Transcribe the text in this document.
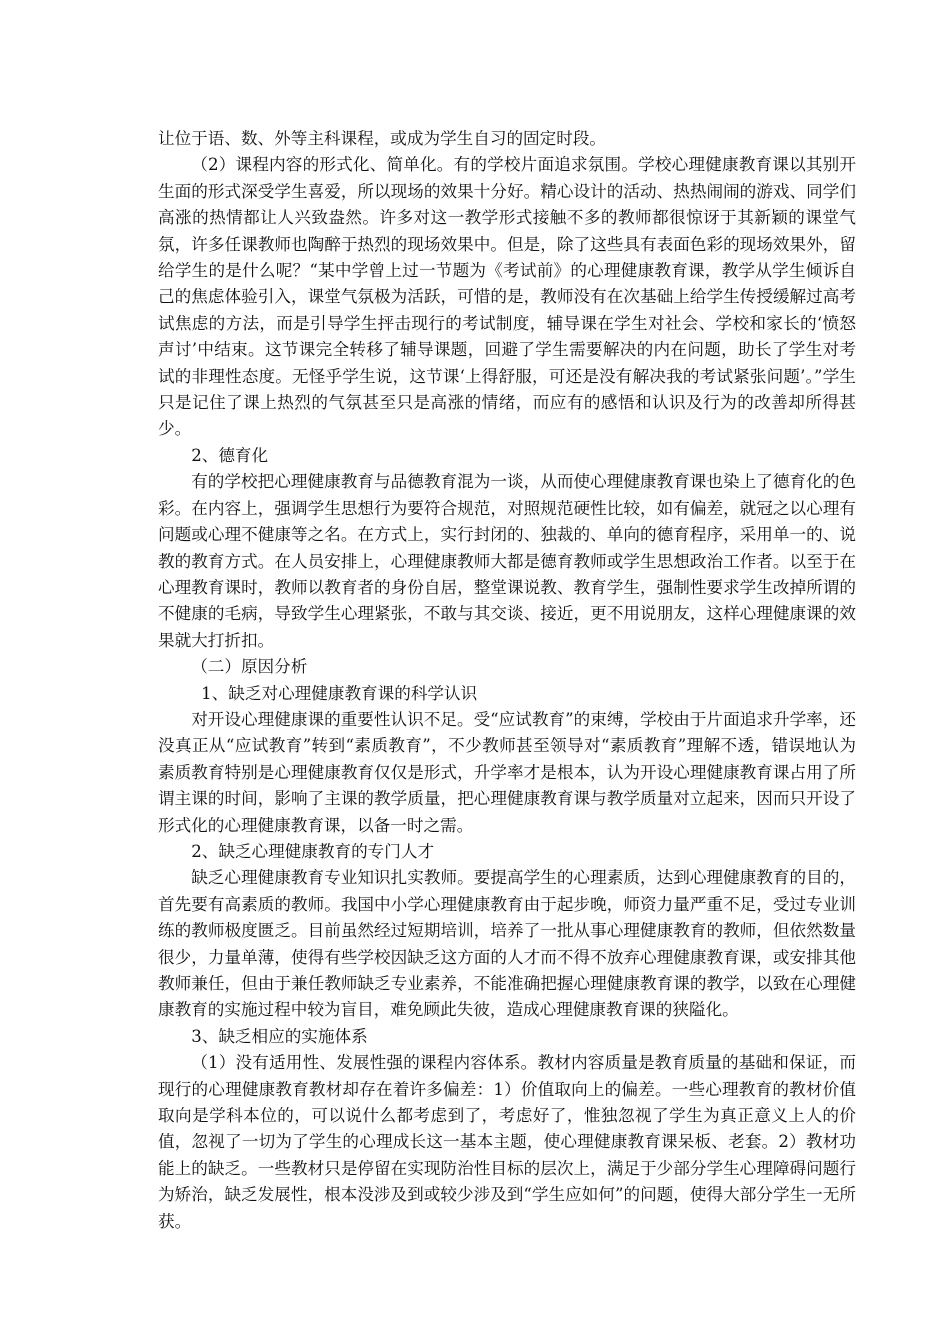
让位于语、数、外等主科课程，或成为学生自习的固定时段。

（2）课程内容的形式化、简单化。有的学校片面追求氛围。学校心理健康教育课以其别开生面的形式深受学生喜爱，所以现场的效果十分好。精心设计的活动、热热闹闹的游戏、同学们高涨的热情都让人兴致盎然。许多对这一教学形式接触不多的教师都很惊讶于其新颖的课堂气氛，许多任课教师也陶醉于热烈的现场效果中。但是，除了这些具有表面色彩的现场效果外，留给学生的是什么呢？“某中学曾上过一节题为《考试前》的心理健康教育课，教学从学生倾诉自己的焦虑体验引入，课堂气氛极为活跃，可惜的是，教师没有在次基础上给学生传授缓解过高考试焦虑的方法，而是引导学生抨击现行的考试制度，辅导课在学生对社会、学校和家长的‘愤怒声讨’中结束。这节课完全转移了辅导课题，回避了学生需要解决的内在问题，助长了学生对考试的非理性态度。无怪乎学生说，这节课‘上得舒服，可还是没有解决我的考试紧张问题’。”学生只是记住了课上热烈的气氛甚至只是高涨的情绪，而应有的感悟和认识及行为的改善却所得甚少。

2、德育化

有的学校把心理健康教育与品德教育混为一谈，从而使心理健康教育课也染上了德育化的色彩。在内容上，强调学生思想行为要符合规范，对照规范硬性比较，如有偏差，就冠之以心理有问题或心理不健康等之名。在方式上，实行封闭的、独裁的、单向的德育程序，采用单一的、说教的教育方式。在人员安排上，心理健康教师大都是德育教师或学生思想政治工作者。以至于在心理教育课时，教师以教育者的身份自居，整堂课说教、教育学生，强制性要求学生改掉所谓的不健康的毛病，导致学生心理紧张，不敢与其交谈、接近，更不用说朋友，这样心理健康课的效果就大打折扣。

（二）原因分析

1、缺乏对心理健康教育课的科学认识

对开设心理健康课的重要性认识不足。受“应试教育”的束缚，学校由于片面追求升学率，还没真正从“应试教育”转到“素质教育”，不少教师甚至领导对“素质教育”理解不透，错误地认为素质教育特别是心理健康教育仅仅是形式，升学率才是根本，认为开设心理健康教育课占用了所谓主课的时间，影响了主课的教学质量，把心理健康教育课与教学质量对立起来，因而只开设了形式化的心理健康教育课，以备一时之需。

2、缺乏心理健康教育的专门人才

缺乏心理健康教育专业知识扎实教师。要提高学生的心理素质，达到心理健康教育的目的，首先要有高素质的教师。我国中小学心理健康教育由于起步晚，师资力量严重不足，受过专业训练的教师极度匮乏。目前虽然经过短期培训，培养了一批从事心理健康教育的教师，但依然数量很少，力量单薄，使得有些学校因缺乏这方面的人才而不得不放弃心理健康教育课，或安排其他教师兼任，但由于兼任教师缺乏专业素养，不能准确把握心理健康教育课的教学，以致在心理健康教育的实施过程中较为盲目，难免顾此失彼，造成心理健康教育课的狭隘化。

3、缺乏相应的实施体系

（1）没有适用性、发展性强的课程内容体系。教材内容质量是教育质量的基础和保证，而现行的心理健康教育教材却存在着许多偏差：1）价值取向上的偏差。一些心理教育的教材价值取向是学科本位的，可以说什么都考虑到了，考虑好了，惟独忽视了学生为真正意义上人的价值，忽视了一切为了学生的心理成长这一基本主题，使心理健康教育课呆板、老套。2）教材功能上的缺乏。一些教材只是停留在实现防治性目标的层次上，满足于少部分学生心理障碍问题行为矫治，缺乏发展性，根本没涉及到或较少涉及到“学生应如何”的问题，使得大部分学生一无所获。
